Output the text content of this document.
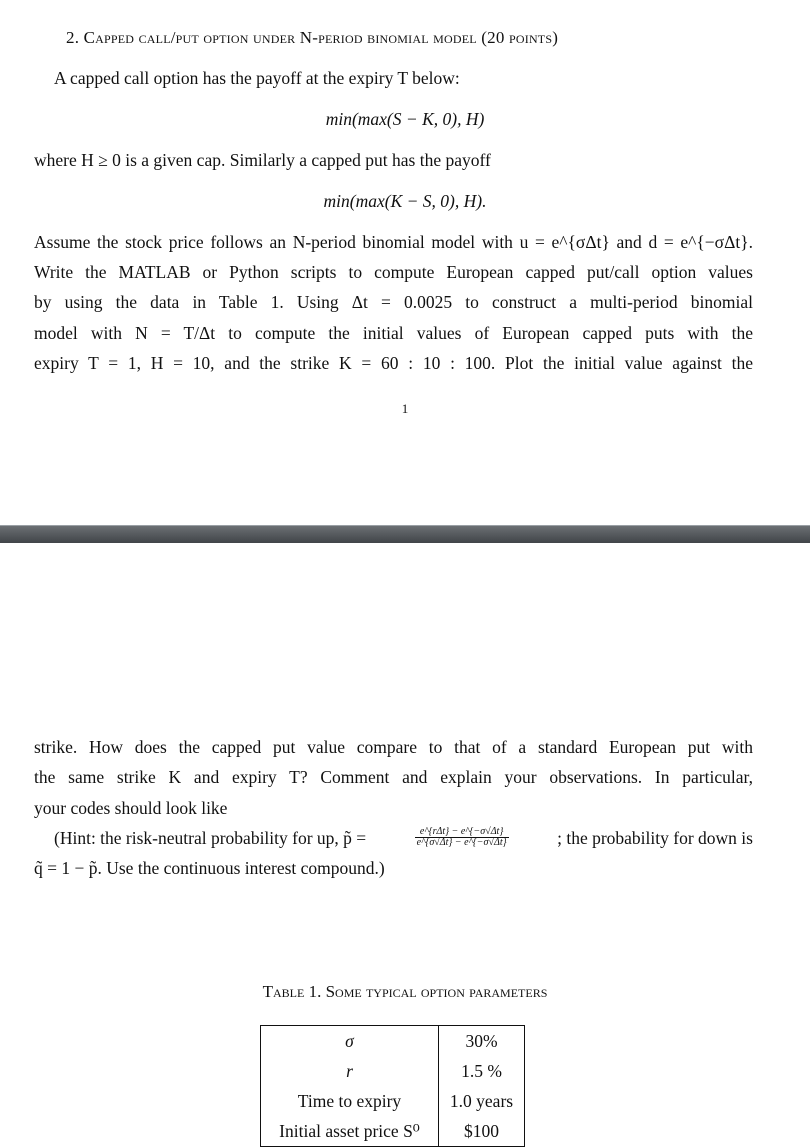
2. Capped call/put option under N-period binomial model (20 points)
A capped call option has the payoff at the expiry T below:
min(max(S − K, 0), H)
where H ≥ 0 is a given cap. Similarly a capped put has the payoff
min(max(K − S, 0), H).
Assume the stock price follows an N-period binomial model with u = e^{σΔt} and d = e^{−σΔt}.
Write the MATLAB or Python scripts to compute European capped put/call option values
by using the data in Table 1. Using Δt = 0.0025 to construct a multi-period binomial
model with N = T/Δt to compute the initial values of European capped puts with the
expiry T = 1, H = 10, and the strike K = 60 : 10 : 100. Plot the initial value against the
1
strike. How does the capped put value compare to that of a standard European put with
the same strike K and expiry T? Comment and explain your observations. In particular,
your codes should look like
(Hint: the risk-neutral probability for up, p̃ =	$\frac{\text{e\textasciicircum{}\{rΔt\} − e\textasciicircum{}\{−σ√Δt\}}}{e\^{}\{\sigma√\Delta t\} - e\^{}\{-\sigma√\Delta t\}}$	; the probability for down is
q̃ = 1 − p̃. Use the continuous interest compound.)
Table 1. Some typical option parameters
σ	30%
r	1.5 %
Time to expiry	1.0 years
Initial asset price S⁰	$100
